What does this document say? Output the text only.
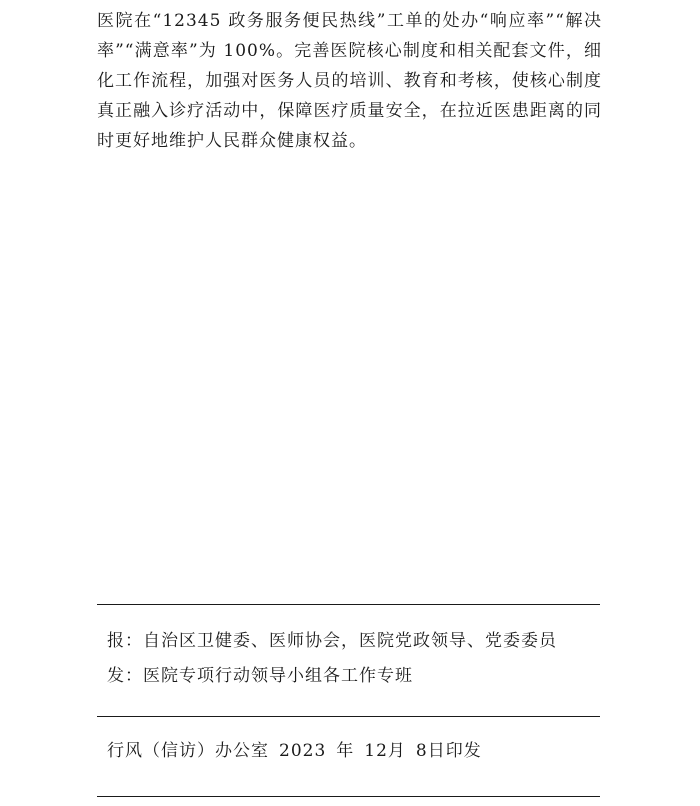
医院在“12345 政务服务便民热线”工单的处办“响应率”“解决率”“满意率”为 100%。完善医院核心制度和相关配套文件，细化工作流程，加强对医务人员的培训、教育和考核，使核心制度真正融入诊疗活动中，保障医疗质量安全，在拉近医患距离的同时更好地维护人民群众健康权益。

报：自治区卫健委、医师协会，医院党政领导、党委委员
发：医院专项行动领导小组各工作专班
行风（信访）办公室 2023 年 12月 8日印发
